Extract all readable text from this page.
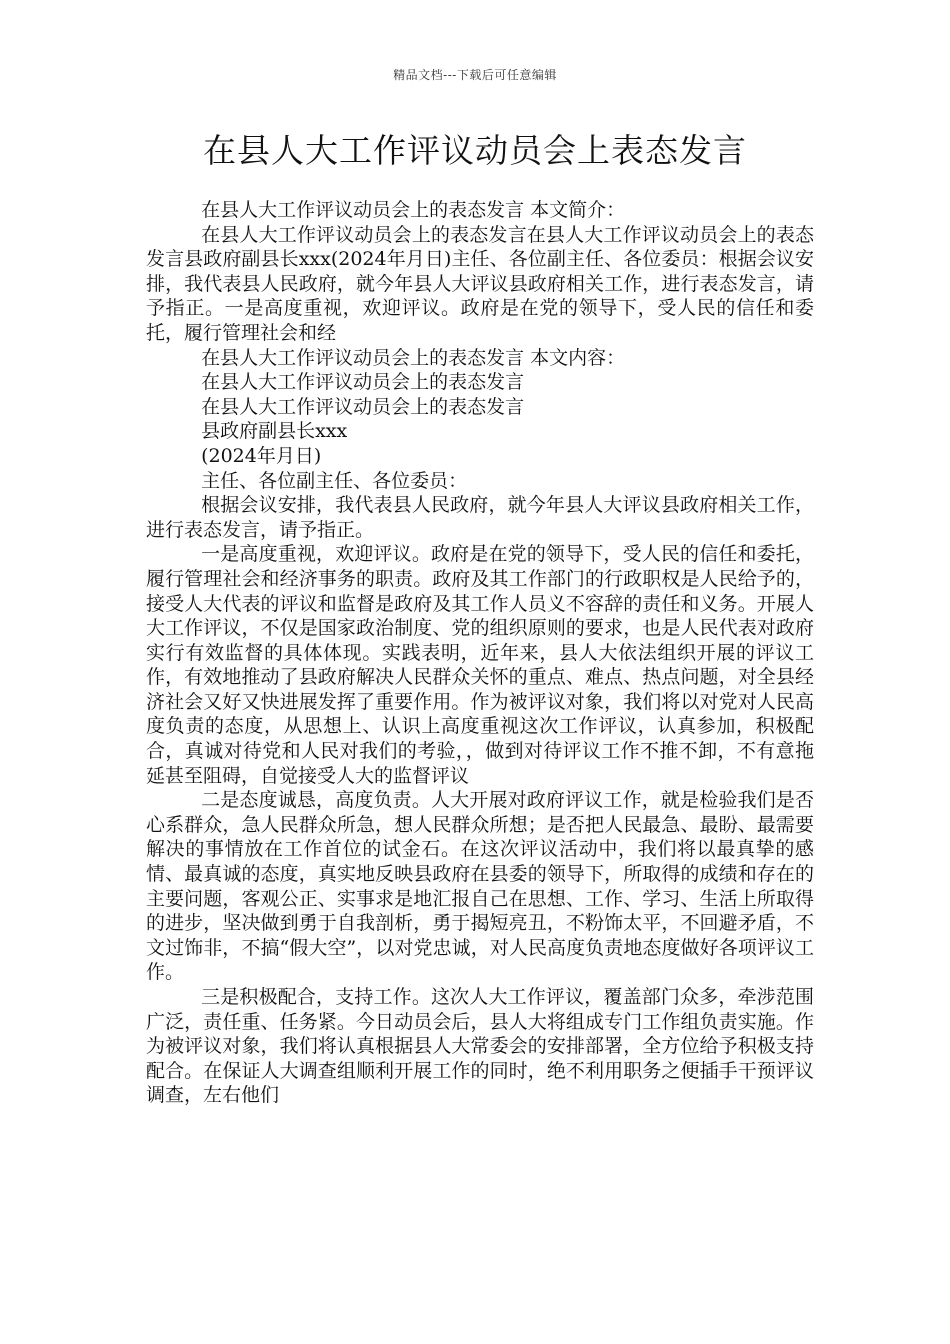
精品文档---下载后可任意编辑
在县人大工作评议动员会上表态发言

在县人大工作评议动员会上的表态发言 本文简介：

在县人大工作评议动员会上的表态发言在县人大工作评议动员会上的表态发言县政府副县长xxx(2024年月日)主任、各位副主任、各位委员：根据会议安排，我代表县人民政府，就今年县人大评议县政府相关工作，进行表态发言，请予指正。一是高度重视，欢迎评议。政府是在党的领导下，受人民的信任和委托，履行管理社会和经

在县人大工作评议动员会上的表态发言 本文内容：

在县人大工作评议动员会上的表态发言

在县人大工作评议动员会上的表态发言

县政府副县长xxx

(2024年月日)

主任、各位副主任、各位委员：

根据会议安排，我代表县人民政府，就今年县人大评议县政府相关工作，进行表态发言，请予指正。

一是高度重视，欢迎评议。政府是在党的领导下，受人民的信任和委托，履行管理社会和经济事务的职责。政府及其工作部门的行政职权是人民给予的，接受人大代表的评议和监督是政府及其工作人员义不容辞的责任和义务。开展人大工作评议，不仅是国家政治制度、党的组织原则的要求，也是人民代表对政府实行有效监督的具体体现。实践表明，近年来，县人大依法组织开展的评议工作，有效地推动了县政府解决人民群众关怀的重点、难点、热点问题，对全县经济社会又好又快进展发挥了重要作用。作为被评议对象，我们将以对党对人民高度负责的态度，从思想上、认识上高度重视这次工作评议，认真参加，积极配合，真诚对待党和人民对我们的考验，，做到对待评议工作不推不卸，不有意拖延甚至阻碍，自觉接受人大的监督评议

二是态度诚恳，高度负责。人大开展对政府评议工作，就是检验我们是否心系群众，急人民群众所急，想人民群众所想；是否把人民最急、最盼、最需要解决的事情放在工作首位的试金石。在这次评议活动中，我们将以最真挚的感情、最真诚的态度，真实地反映县政府在县委的领导下，所取得的成绩和存在的主要问题，客观公正、实事求是地汇报自己在思想、工作、学习、生活上所取得的进步，坚决做到勇于自我剖析，勇于揭短亮丑，不粉饰太平，不回避矛盾，不文过饰非，不搞“假大空”，以对党忠诚，对人民高度负责地态度做好各项评议工作。

三是积极配合，支持工作。这次人大工作评议，覆盖部门众多，牵涉范围广泛，责任重、任务紧。今日动员会后，县人大将组成专门工作组负责实施。作为被评议对象，我们将认真根据县人大常委会的安排部署，全方位给予积极支持配合。在保证人大调查组顺利开展工作的同时，绝不利用职务之便插手干预评议调查，左右他们
